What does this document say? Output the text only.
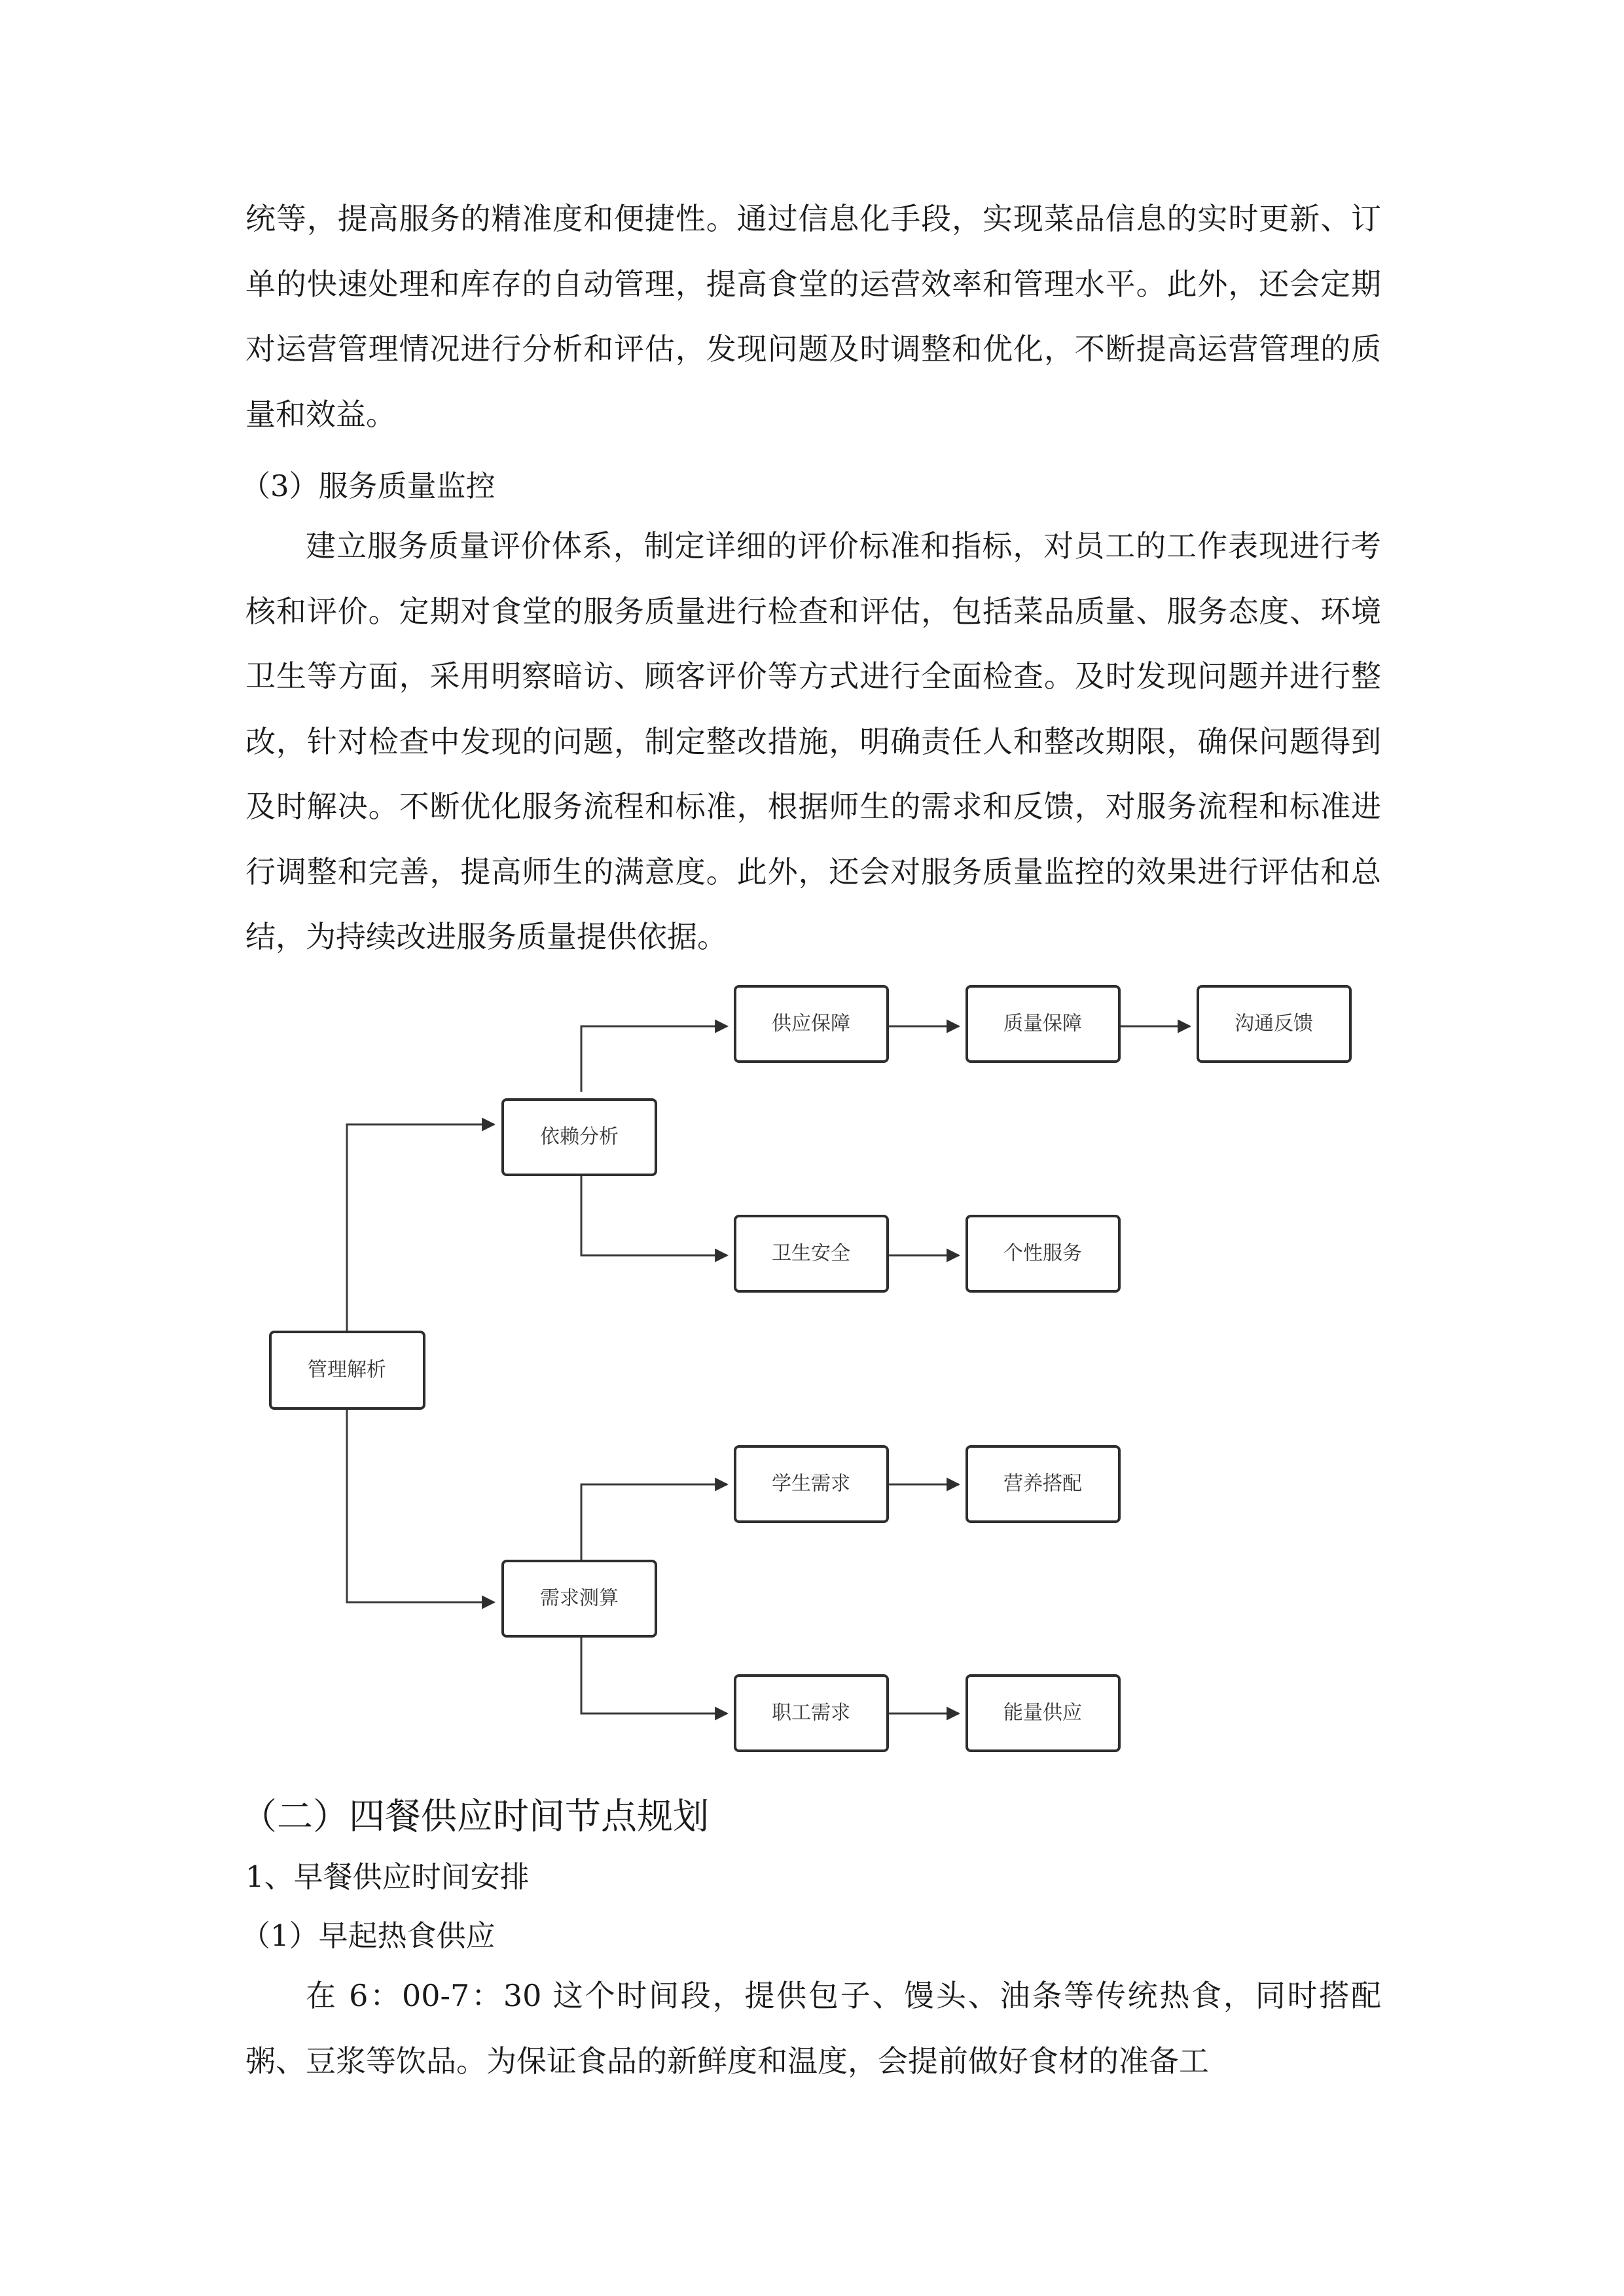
统等，提高服务的精准度和便捷性。通过信息化手段，实现菜品信息的实时更新、订单的快速处理和库存的自动管理，提高食堂的运营效率和管理水平。此外，还会定期对运营管理情况进行分析和评估，发现问题及时调整和优化，不断提高运营管理的质量和效益。

（3）服务质量监控

建立服务质量评价体系，制定详细的评价标准和指标，对员工的工作表现进行考核和评价。定期对食堂的服务质量进行检查和评估，包括菜品质量、服务态度、环境卫生等方面，采用明察暗访、顾客评价等方式进行全面检查。及时发现问题并进行整改，针对检查中发现的问题，制定整改措施，明确责任人和整改期限，确保问题得到及时解决。不断优化服务流程和标准，根据师生的需求和反馈，对服务流程和标准进行调整和完善，提高师生的满意度。此外，还会对服务质量监控的效果进行评估和总结，为持续改进服务质量提供依据。

管理解析
依赖分析
供应保障	质量保障	沟通反馈
卫生安全	个性服务
需求测算
学生需求	营养搭配
职工需求	能量供应

（二）四餐供应时间节点规划

1、早餐供应时间安排

（1）早起热食供应

在 6：00-7：30 这个时间段，提供包子、馒头、油条等传统热食，同时搭配粥、豆浆等饮品。为保证食品的新鲜度和温度，会提前做好食材的准备工
